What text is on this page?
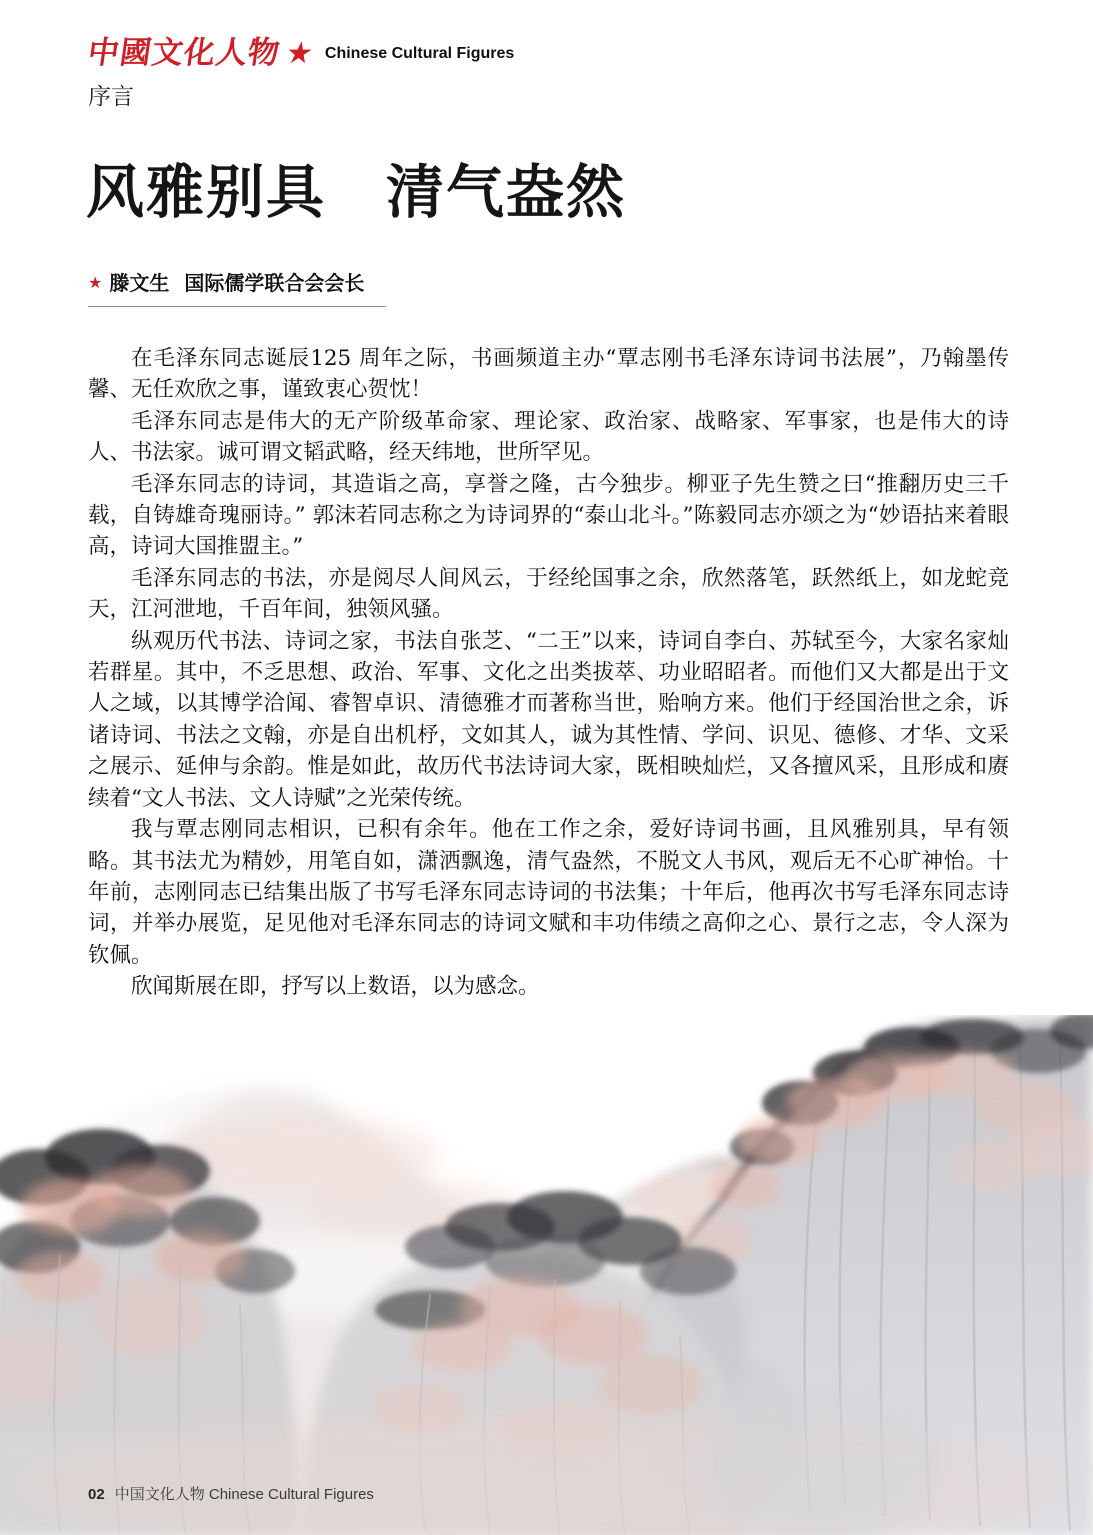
中國文化人物 ★ Chinese Cultural Figures
序言
风雅别具　清气盎然
★ 滕文生 国际儒学联合会会长

在毛泽东同志诞辰125 周年之际，书画频道主办“覃志刚书毛泽东诗词书法展”，乃翰墨传馨、无任欢欣之事，谨致衷心贺忱！

毛泽东同志是伟大的无产阶级革命家、理论家、政治家、战略家、军事家，也是伟大的诗人、书法家。诚可谓文韬武略，经天纬地，世所罕见。

毛泽东同志的诗词，其造诣之高，享誉之隆，古今独步。柳亚子先生赞之曰“推翻历史三千载，自铸雄奇瑰丽诗。” 郭沫若同志称之为诗词界的“泰山北斗。”陈毅同志亦颂之为“妙语拈来着眼高，诗词大国推盟主。”

毛泽东同志的书法，亦是阅尽人间风云，于经纶国事之余，欣然落笔，跃然纸上，如龙蛇竞天，江河泄地，千百年间，独领风骚。

纵观历代书法、诗词之家，书法自张芝、“二王”以来，诗词自李白、苏轼至今，大家名家灿若群星。其中，不乏思想、政治、军事、文化之出类拔萃、功业昭昭者。而他们又大都是出于文人之域，以其博学洽闻、睿智卓识、清德雅才而著称当世，贻响方来。他们于经国治世之余，诉诸诗词、书法之文翰，亦是自出机杼，文如其人，诚为其性情、学问、识见、德修、才华、文采之展示、延伸与余韵。惟是如此，故历代书法诗词大家，既相映灿烂，又各擅风采，且形成和赓续着“文人书法、文人诗赋”之光荣传统。

我与覃志刚同志相识，已积有余年。他在工作之余，爱好诗词书画，且风雅别具，早有领略。其书法尤为精妙，用笔自如，潇洒飘逸，清气盎然，不脱文人书风，观后无不心旷神怡。十年前，志刚同志已结集出版了书写毛泽东同志诗词的书法集；十年后，他再次书写毛泽东同志诗词，并举办展览，足见他对毛泽东同志的诗词文赋和丰功伟绩之高仰之心、景行之志，令人深为钦佩。

欣闻斯展在即，抒写以上数语，以为感念。

02 中国文化人物 Chinese Cultural Figures
